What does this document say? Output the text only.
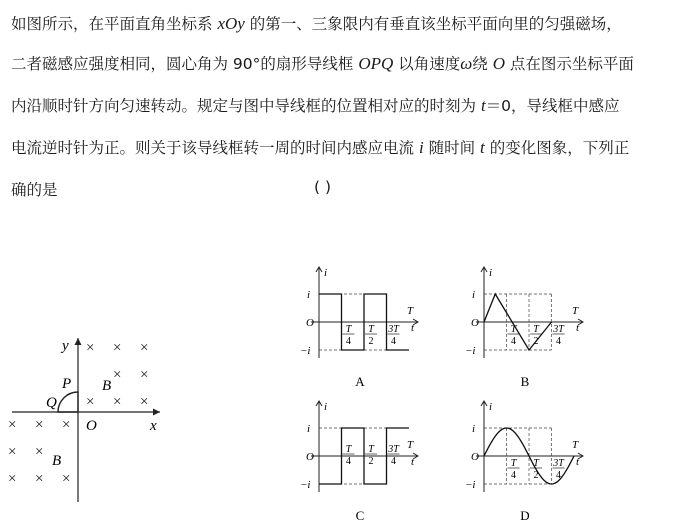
如图所示，在平面直角坐标系 xOy 的第一、三象限内有垂直该坐标平面向里的匀强磁场，
二者磁感应强度相同，圆心角为 90°的扇形导线框 OPQ 以角速度ω绕 O 点在图示坐标平面
内沿顺时针方向匀速转动。规定与图中导线框的位置相对应的时刻为 t＝0，导线框中感应
电流逆时针为正。则关于该导线框转一周的时间内感应电流 i 随时间 t 的变化图象，下列正
确的是	( )
x
y
O
P
Q
B
B
× × ×
× ×
× × ×
× × ×
× ×
× × ×
i
t
O
i
−i
T
T
4
T
2
3T
4
A
i
t
O
i
−i
T
T
4
T
2
3T
4
B
i
t
O
i
−i
T
T
4
T
2
3T
4
C
i
t
O
i
−i
T
T
4
T
2
3T
4
D
